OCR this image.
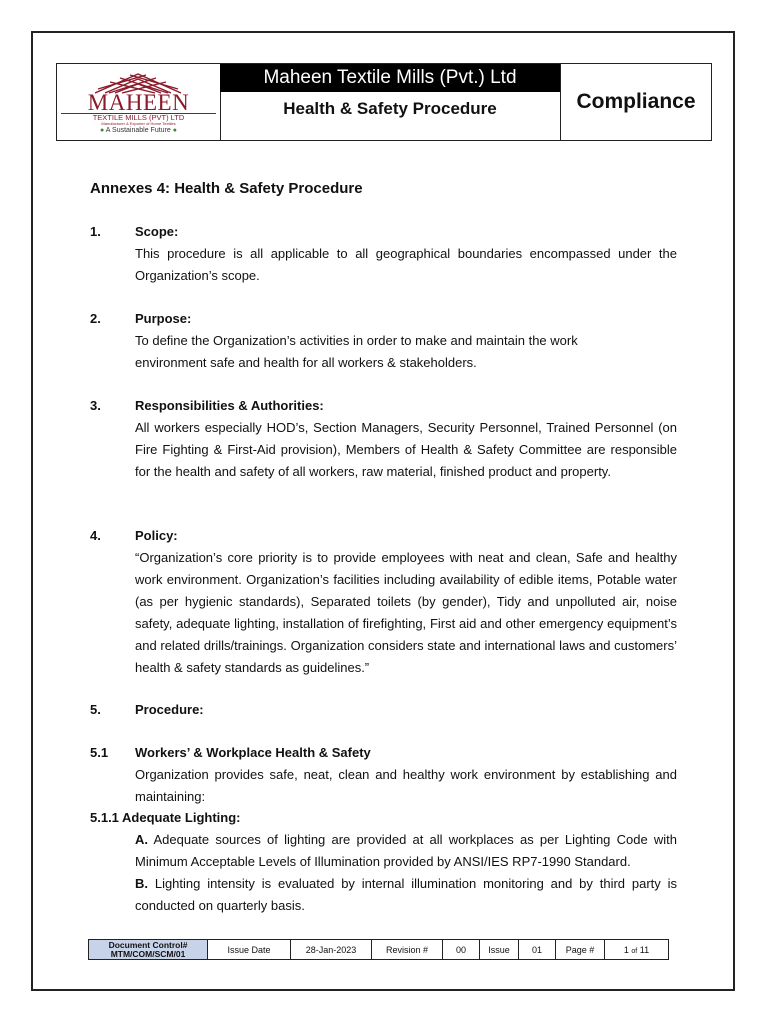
MAHEEN
TEXTILE MILLS (PVT) LTD
Manufacturer & Exporter of Home Textiles
● A Sustainable Future ●
Maheen Textile Mills (Pvt.) Ltd
Health & Safety Procedure	Compliance
Annexes 4: Health & Safety Procedure
1.	Scope:

This procedure is all applicable to all geographical boundaries encompassed under the Organization’s scope.

2.	Purpose:

To define the Organization’s activities in order to make and maintain the work environment safe and health for all workers & stakeholders.

3.	Responsibilities & Authorities:

All workers especially HOD’s, Section Managers, Security Personnel, Trained Personnel (on Fire Fighting & First-Aid provision), Members of Health & Safety Committee are responsible for the health and safety of all workers, raw material, finished product and property.

4.	Policy:

“Organization’s core priority is to provide employees with neat and clean, Safe and healthy work environment. Organization’s facilities including availability of edible items, Potable water (as per hygienic standards), Separated toilets (by gender), Tidy and unpolluted air, noise safety, adequate lighting, installation of firefighting, First aid and other emergency equipment’s and related drills/trainings. Organization considers state and international laws and customers’ health & safety standards as guidelines.”

5.	Procedure:
5.1 Workers’ & Workplace Health & Safety

Organization provides safe, neat, clean and healthy work environment by establishing and maintaining:

5.1.1 Adequate Lighting:

A. Adequate sources of lighting are provided at all workplaces as per Lighting Code with Minimum Acceptable Levels of Illumination provided by ANSI/IES RP7-1990 Standard.

B. Lighting intensity is evaluated by internal illumination monitoring and by third party is conducted on quarterly basis.

Document Control#
MTM/COM/SCM/01	Issue Date	28-Jan-2023	Revision #	00	Issue	01	Page #	1 of 11
